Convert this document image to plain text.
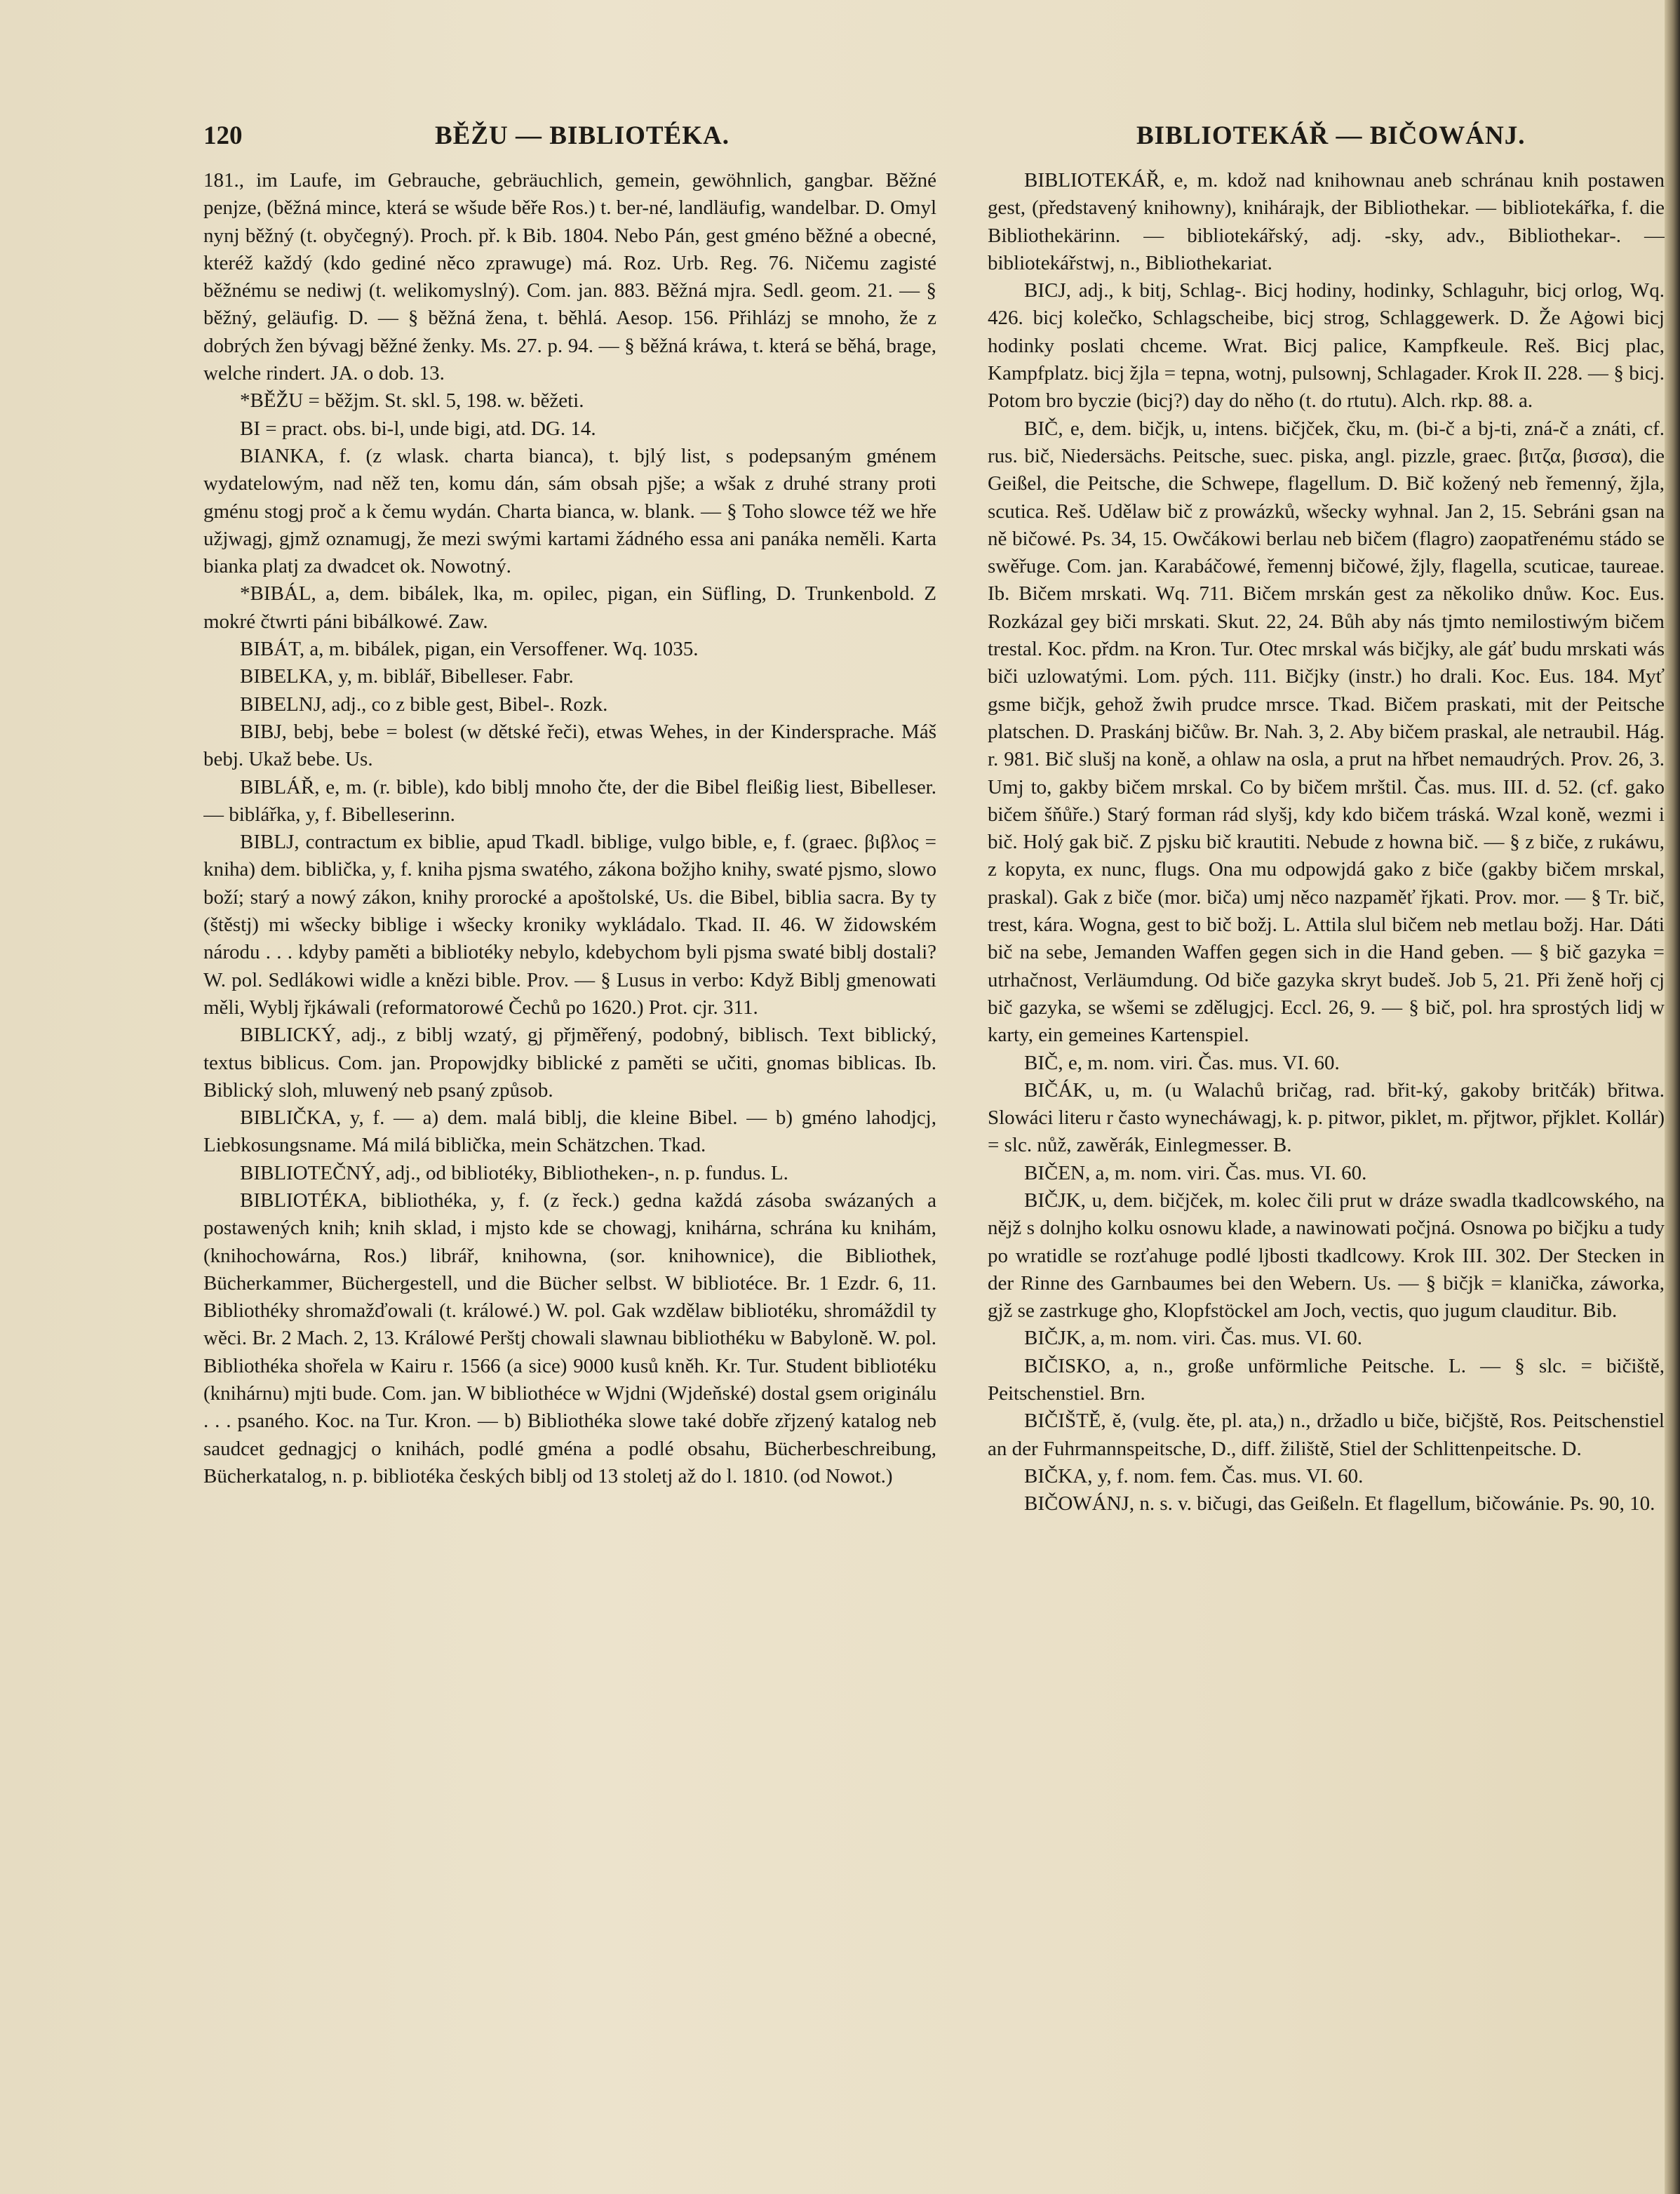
120	BĚŽU — BIBLIOTÉKA.	BIBLIOTEKÁŘ — BIČOWÁNJ.

181., im Laufe, im Gebrauche, gebräuchlich, gemein, gewöhnlich, gangbar. Běžné penjze, (běžná mince, která se wšude běře Ros.) t. ber-né, landläufig, wandelbar. D. Omyl nynj běžný (t. obyčegný). Proch. př. k Bib. 1804. Nebo Pán, gest gméno běžné a obecné, kteréž každý (kdo gediné něco zprawuge) má. Roz. Urb. Reg. 76. Ničemu zagisté běžnému se nediwj (t. welikomyslný). Com. jan. 883. Běžná mjra. Sedl. geom. 21. — § běžný, geläufig. D. — § běžná žena, t. běhlá. Aesop. 156. Přihlázj se mnoho, že z dobrých žen bývagj běžné ženky. Ms. 27. p. 94. — § běžná kráwa, t. která se běhá, brage, welche rindert. JA. o dob. 13.

*BĚŽU = běžjm. St. skl. 5, 198. w. běžeti.

BI = pract. obs. bi-l, unde bigi, atd. DG. 14.

BIANKA, f. (z wlask. charta bianca), t. bjlý list, s podepsaným gménem wydatelowým, nad něž ten, komu dán, sám obsah pjše; a wšak z druhé strany proti gménu stogj proč a k čemu wydán. Charta bianca, w. blank. — § Toho slowce též we hře užjwagj, gjmž oznamugj, že mezi swými kartami žádného essa ani panáka neměli. Karta bianka platj za dwadcet ok. Nowotný.

*BIBÁL, a, dem. bibálek, lka, m. opilec, pigan, ein Süfling, D. Trunkenbold. Z mokré čtwrti páni bibálkowé. Zaw.

BIBÁT, a, m. bibálek, pigan, ein Versoffener. Wq. 1035.

BIBELKA, y, m. biblář, Bibelleser. Fabr.

BIBELNJ, adj., co z bible gest, Bibel-. Rozk.

BIBJ, bebj, bebe = bolest (w dětské řeči), etwas Wehes, in der Kindersprache. Máš bebj. Ukaž bebe. Us.

BIBLÁŘ, e, m. (r. bible), kdo biblj mnoho čte, der die Bibel fleißig liest, Bibelleser. — biblářka, y, f. Bibelleserinn.

BIBLJ, contractum ex biblie, apud Tkadl. biblige, vulgo bible, e, f. (graec. βιβλος = kniha) dem. biblička, y, f. kniha pjsma swatého, zákona božjho knihy, swaté pjsmo, slowo boží; starý a nowý zákon, knihy prorocké a apoštolské, Us. die Bibel, biblia sacra. By ty (štěstj) mi wšecky biblige i wšecky kroniky wykládalo. Tkad. II. 46. W židowském národu . . . kdyby paměti a bibliotéky nebylo, kdebychom byli pjsma swaté biblj dostali? W. pol. Sedlákowi widle a knězi bible. Prov. — § Lusus in verbo: Když Biblj gmenowati měli, Wyblj řjkáwali (reformatorowé Čechů po 1620.) Prot. cjr. 311.

BIBLICKÝ, adj., z biblj wzatý, gj přjměřený, podobný, biblisch. Text biblický, textus biblicus. Com. jan. Propowjdky biblické z paměti se učiti, gnomas biblicas. Ib. Biblický sloh, mluwený neb psaný způsob.

BIBLIČKA, y, f. — a) dem. malá biblj, die kleine Bibel. — b) gméno lahodjcj, Liebkosungsname. Má milá biblička, mein Schätzchen. Tkad.

BIBLIOTEČNÝ, adj., od bibliotéky, Bibliotheken-, n. p. fundus. L.

BIBLIOTÉKA, bibliothéka, y, f. (z řeck.) gedna každá zásoba swázaných a postawených knih; knih sklad, i mjsto kde se chowagj, knihárna, schrána ku knihám, (knihochowárna, Ros.) librář, knihowna, (sor. knihownice), die Bibliothek, Bücherkammer, Büchergestell, und die Bücher selbst. W bibliotéce. Br. 1 Ezdr. 6, 11. Bibliothéky shromažďowali (t. králowé.) W. pol. Gak wzdělaw bibliotéku, shromáždil ty wěci. Br. 2 Mach. 2, 13. Králowé Perštj chowali slawnau bibliothéku w Babyloně. W. pol. Bibliothéka shořela w Kairu r. 1566 (a sice) 9000 kusů kněh. Kr. Tur. Student bibliotéku (knihárnu) mjti bude. Com. jan. W bibliothéce w Wjdni (Wjdeňské) dostal gsem originálu . . . psaného. Koc. na Tur. Kron. — b) Bibliothéka slowe také dobře zřjzený katalog neb saudcet gednagjcj o knihách, podlé gména a podlé obsahu, Bücherbeschreibung, Bücherkatalog, n. p. bibliotéka českých biblj od 13 stoletj až do l. 1810. (od Nowot.)

BIBLIOTEKÁŘ, e, m. kdož nad knihownau aneb schránau knih postawen gest, (představený knihowny), knihárajk, der Bibliothekar. — bibliotekářka, f. die Bibliothekärinn. — bibliotekářský, adj. -sky, adv., Bibliothekar-. — bibliotekářstwj, n., Bibliothekariat.

BICJ, adj., k bitj, Schlag-. Bicj hodiny, hodinky, Schlaguhr, bicj orlog, Wq. 426. bicj kolečko, Schlagscheibe, bicj strog, Schlaggewerk. D. Že Aġowi bicj hodinky poslati chceme. Wrat. Bicj palice, Kampfkeule. Reš. Bicj plac, Kampfplatz. bicj žjla = tepna, wotnj, pulsownj, Schlagader. Krok II. 228. — § bicj. Potom bro byczie (bicj?) day do něho (t. do rtutu). Alch. rkp. 88. a.

BIČ, e, dem. bičjk, u, intens. bičjček, čku, m. (bi-č a bj-ti, zná-č a znáti, cf. rus. bič, Niedersächs. Peitsche, suec. piska, angl. pizzle, graec. βιτζα, βισσα), die Geißel, die Peitsche, die Schwepe, flagellum. D. Bič kožený neb řemenný, žjla, scutica. Reš. Udělaw bič z prowázků, wšecky wyhnal. Jan 2, 15. Sebráni gsan na ně bičowé. Ps. 34, 15. Owčákowi berlau neb bičem (flagro) zaopatřenému stádo se swěřuge. Com. jan. Karabáčowé, řemennj bičowé, žjly, flagella, scuticae, taureae. Ib. Bičem mrskati. Wq. 711. Bičem mrskán gest za několiko dnůw. Koc. Eus. Rozkázal gey biči mrskati. Skut. 22, 24. Bůh aby nás tjmto nemilostiwým bičem trestal. Koc. přdm. na Kron. Tur. Otec mrskal wás bičjky, ale gáť budu mrskati wás biči uzlowatými. Lom. pých. 111. Bičjky (instr.) ho drali. Koc. Eus. 184. Myť gsme bičjk, gehož žwih prudce mrsce. Tkad. Bičem praskati, mit der Peitsche platschen. D. Praskánj bičůw. Br. Nah. 3, 2. Aby bičem praskal, ale netraubil. Hág. r. 981. Bič slušj na koně, a ohlaw na osla, a prut na hřbet nemaudrých. Prov. 26, 3. Umj to, gakby bičem mrskal. Co by bičem mrštil. Čas. mus. III. d. 52. (cf. gako bičem šňůře.) Starý forman rád slyšj, kdy kdo bičem tráská. Wzal koně, wezmi i bič. Holý gak bič. Z pjsku bič krautiti. Nebude z howna bič. — § z biče, z rukáwu, z kopyta, ex nunc, flugs. Ona mu odpowjdá gako z biče (gakby bičem mrskal, praskal). Gak z biče (mor. biča) umj něco nazpaměť řjkati. Prov. mor. — § Tr. bič, trest, kára. Wogna, gest to bič božj. L. Attila slul bičem neb metlau božj. Har. Dáti bič na sebe, Jemanden Waffen gegen sich in die Hand geben. — § bič gazyka = utrhačnost, Verläumdung. Od biče gazyka skryt budeš. Job 5, 21. Při ženě hořj cj bič gazyka, se wšemi se zdělugjcj. Eccl. 26, 9. — § bič, pol. hra sprostých lidj w karty, ein gemeines Kartenspiel.

BIČ, e, m. nom. viri. Čas. mus. VI. 60.

BIČÁK, u, m. (u Walachů bričag, rad. břit-ký, gakoby britčák) břitwa. Slowáci literu r často wynecháwagj, k. p. pitwor, piklet, m. přjtwor, přjklet. Kollár) = slc. nůž, zawěrák, Einlegmesser. B.

BIČEN, a, m. nom. viri. Čas. mus. VI. 60.

BIČJK, u, dem. bičjček, m. kolec čili prut w dráze swadla tkadlcowského, na nějž s dolnjho kolku osnowu klade, a nawinowati počjná. Osnowa po bičjku a tudy po wratidle se rozťahuge podlé ljbosti tkadlcowy. Krok III. 302. Der Stecken in der Rinne des Garnbaumes bei den Webern. Us. — § bičjk = klanička, záworka, gjž se zastrkuge gho, Klopfstöckel am Joch, vectis, quo jugum clauditur. Bib.

BIČJK, a, m. nom. viri. Čas. mus. VI. 60.

BIČISKO, a, n., große unförmliche Peitsche. L. — § slc. = bičiště, Peitschenstiel. Brn.

BIČIŠTĚ, ě, (vulg. ěte, pl. ata,) n., držadlo u biče, bičjště, Ros. Peitschenstiel an der Fuhrmannspeitsche, D., diff. žiliště, Stiel der Schlittenpeitsche. D.

BIČKA, y, f. nom. fem. Čas. mus. VI. 60.

BIČOWÁNJ, n. s. v. bičugi, das Geißeln. Et flagellum, bičowánie. Ps. 90, 10.
